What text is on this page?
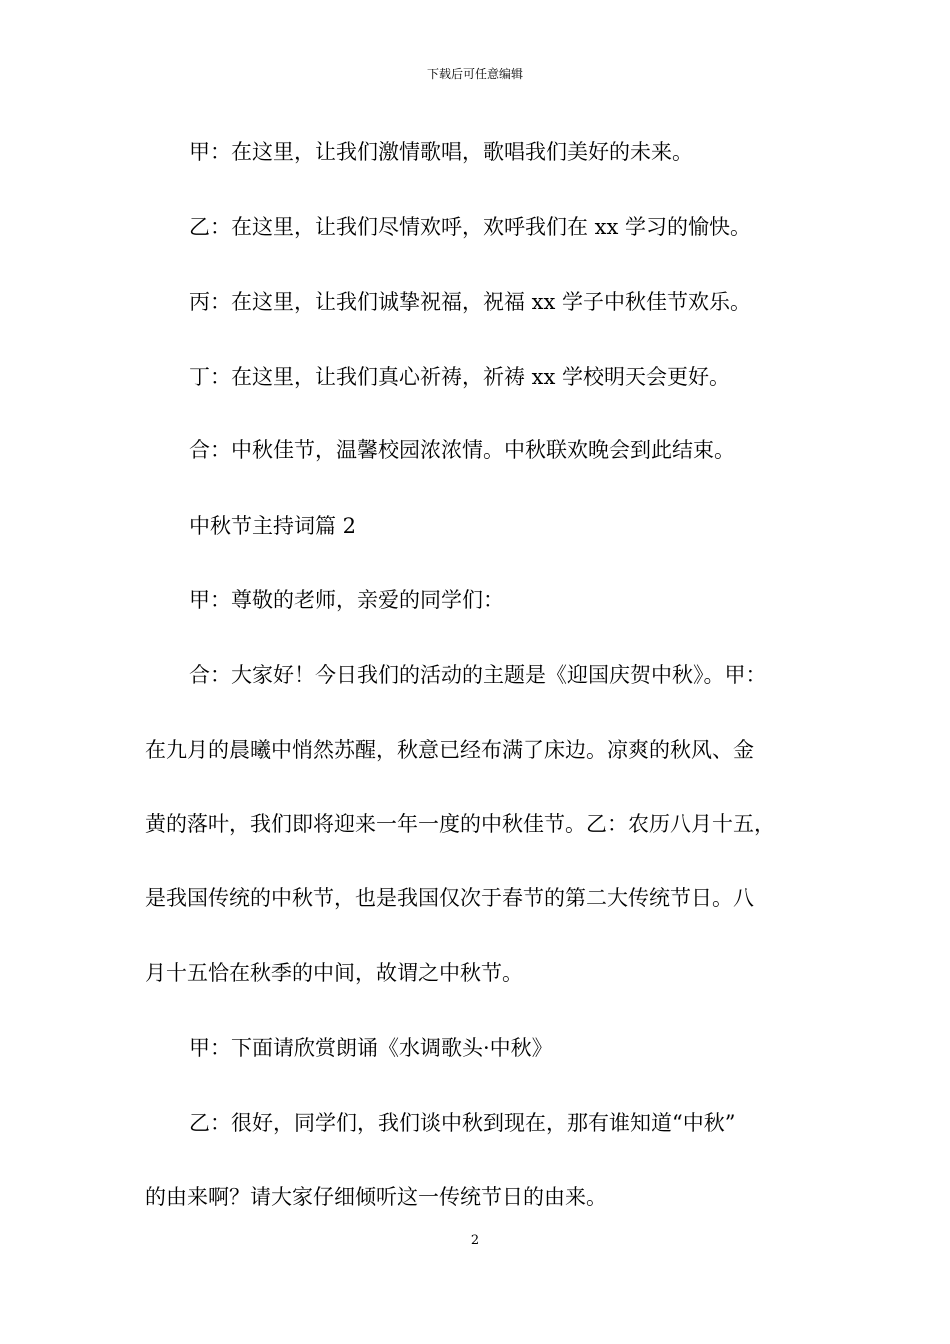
下载后可任意编辑
甲：在这里，让我们激情歌唱，歌唱我们美好的未来。
乙：在这里，让我们尽情欢呼，欢呼我们在 xx 学习的愉快。
丙：在这里，让我们诚挚祝福，祝福 xx 学子中秋佳节欢乐。
丁：在这里，让我们真心祈祷，祈祷 xx 学校明天会更好。
合：中秋佳节，温馨校园浓浓情。中秋联欢晚会到此结束。
中秋节主持词篇 2
甲：尊敬的老师，亲爱的同学们：
合：大家好！今日我们的活动的主题是《迎国庆贺中秋》。甲：
在九月的晨曦中悄然苏醒，秋意已经布满了床边。凉爽的秋风、金
黄的落叶，我们即将迎来一年一度的中秋佳节。乙：农历八月十五，
是我国传统的中秋节，也是我国仅次于春节的第二大传统节日。八
月十五恰在秋季的中间，故谓之中秋节。
甲：下面请欣赏朗诵《水调歌头·中秋》
乙：很好，同学们，我们谈中秋到现在，那有谁知道“中秋”
的由来啊？请大家仔细倾听这一传统节日的由来。
2
